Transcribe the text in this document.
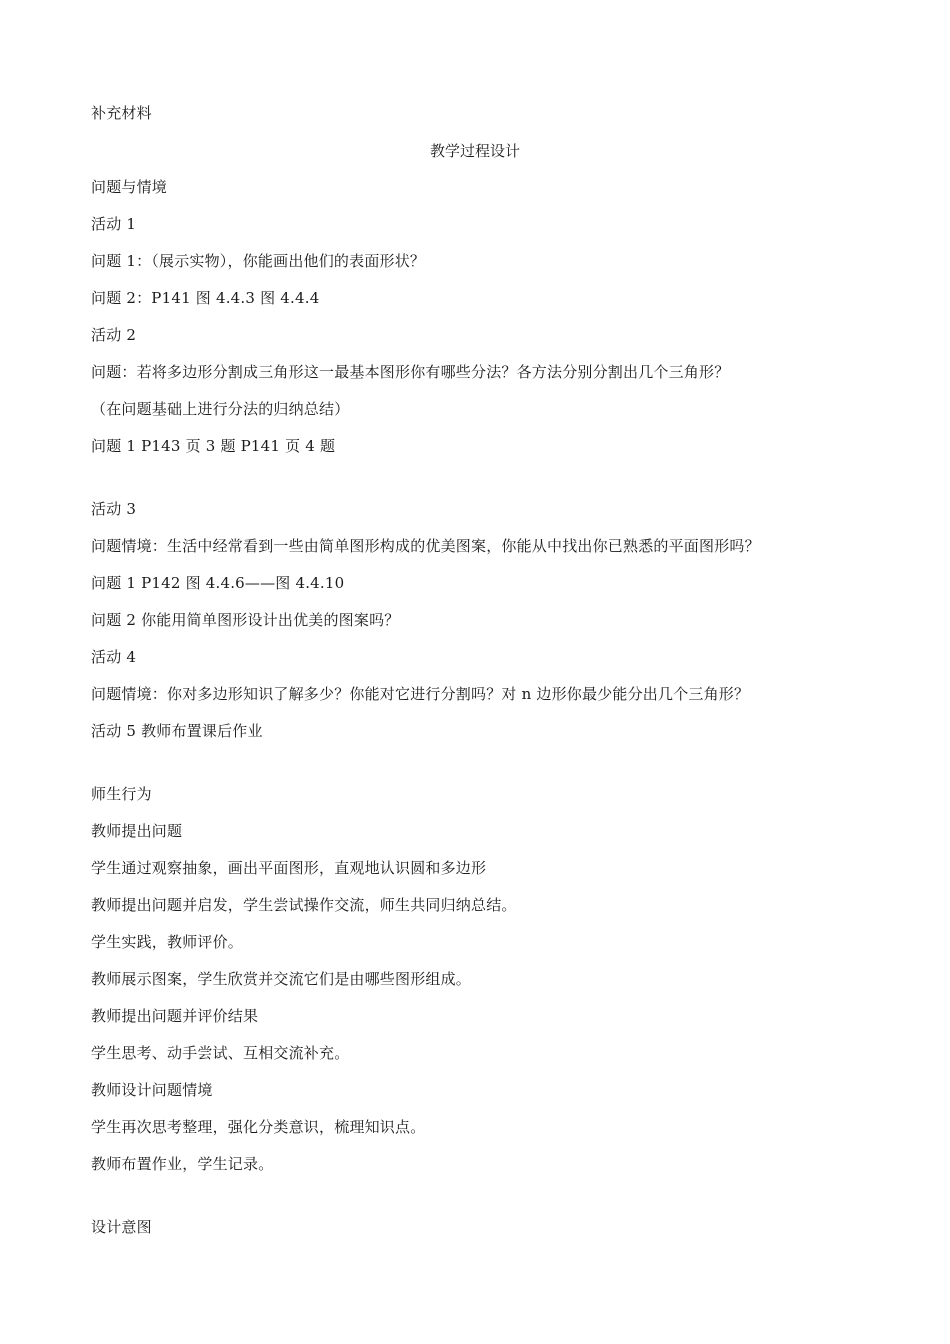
补充材料
教学过程设计
问题与情境
活动 1
问题 1：（展示实物），你能画出他们的表面形状？
问题 2：P141 图 4.4.3 图 4.4.4
活动 2
问题：若将多边形分割成三角形这一最基本图形你有哪些分法？各方法分别分割出几个三角形？
（在问题基础上进行分法的归纳总结）
问题 1 P143 页 3 题 P141 页 4 题
活动 3
问题情境：生活中经常看到一些由简单图形构成的优美图案，你能从中找出你已熟悉的平面图形吗？
问题 1 P142 图 4.4.6——图 4.4.10
问题 2 你能用简单图形设计出优美的图案吗？
活动 4
问题情境：你对多边形知识了解多少？你能对它进行分割吗？对 n 边形你最少能分出几个三角形？
活动 5 教师布置课后作业
师生行为
教师提出问题
学生通过观察抽象，画出平面图形，直观地认识圆和多边形
教师提出问题并启发，学生尝试操作交流，师生共同归纳总结。
学生实践，教师评价。
教师展示图案，学生欣赏并交流它们是由哪些图形组成。
教师提出问题并评价结果
学生思考、动手尝试、互相交流补充。
教师设计问题情境
学生再次思考整理，强化分类意识，梳理知识点。
教师布置作业，学生记录。
设计意图
